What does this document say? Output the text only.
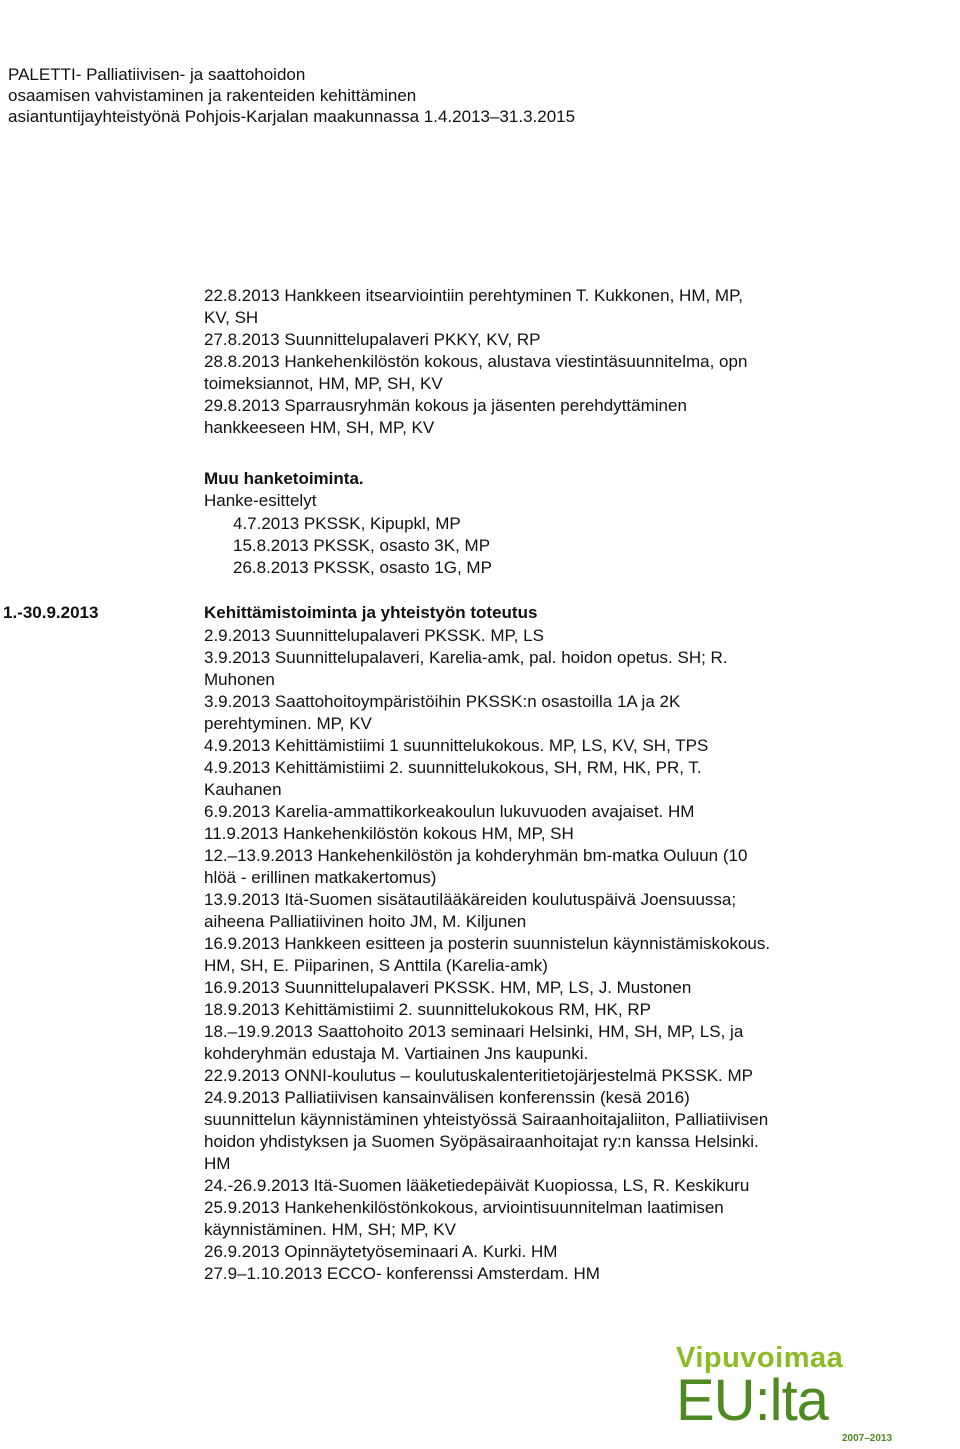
PALETTI- Palliatiivisen- ja saattohoidon
osaamisen vahvistaminen ja rakenteiden kehittäminen
asiantuntijayhteistyönä Pohjois-Karjalan maakunnassa 1.4.2013–31.3.2015
22.8.2013 Hankkeen itsearviointiin perehtyminen T. Kukkonen, HM, MP,
KV, SH
27.8.2013 Suunnittelupalaveri PKKY, KV, RP
28.8.2013 Hankehenkilöstön kokous, alustava viestintäsuunnitelma, opn
toimeksiannot, HM, MP, SH, KV
29.8.2013 Sparrausryhmän kokous ja jäsenten perehdyttäminen
hankkeeseen HM, SH, MP, KV
Muu hanketoiminta.
Hanke-esittelyt
4.7.2013 PKSSK, Kipupkl, MP
15.8.2013 PKSSK, osasto 3K, MP
26.8.2013 PKSSK, osasto 1G, MP
1.-30.9.2013	Kehittämistoiminta ja yhteistyön toteutus
2.9.2013 Suunnittelupalaveri PKSSK. MP, LS
3.9.2013 Suunnittelupalaveri, Karelia-amk, pal. hoidon opetus. SH; R.
Muhonen
3.9.2013 Saattohoitoympäristöihin PKSSK:n osastoilla 1A ja 2K
perehtyminen. MP, KV
4.9.2013 Kehittämistiimi 1 suunnittelukokous. MP, LS, KV, SH, TPS
4.9.2013 Kehittämistiimi 2. suunnittelukokous, SH, RM, HK, PR, T.
Kauhanen
6.9.2013 Karelia-ammattikorkeakoulun lukuvuoden avajaiset. HM
11.9.2013 Hankehenkilöstön kokous HM, MP, SH
12.–13.9.2013 Hankehenkilöstön ja kohderyhmän bm-matka Ouluun (10
hlöä - erillinen matkakertomus)
13.9.2013 Itä-Suomen sisätautilääkäreiden koulutuspäivä Joensuussa;
aiheena Palliatiivinen hoito JM, M. Kiljunen
16.9.2013 Hankkeen esitteen ja posterin suunnistelun käynnistämiskokous.
HM, SH, E. Piiparinen, S Anttila (Karelia-amk)
16.9.2013 Suunnittelupalaveri PKSSK. HM, MP, LS, J. Mustonen
18.9.2013 Kehittämistiimi 2. suunnittelukokous RM, HK, RP
18.–19.9.2013 Saattohoito 2013 seminaari Helsinki, HM, SH, MP, LS, ja
kohderyhmän edustaja M. Vartiainen Jns kaupunki.
22.9.2013 ONNI-koulutus – koulutuskalenteritietojärjestelmä PKSSK. MP
24.9.2013 Palliatiivisen kansainvälisen konferenssin (kesä 2016)
suunnittelun käynnistäminen yhteistyössä Sairaanhoitajaliiton, Palliatiivisen
hoidon yhdistyksen ja Suomen Syöpäsairaanhoitajat ry:n kanssa Helsinki.
HM
24.-26.9.2013 Itä-Suomen lääketiedepäivät Kuopiossa, LS, R. Keskikuru
25.9.2013 Hankehenkilöstönkokous, arviointisuunnitelman laatimisen
käynnistäminen. HM, SH; MP, KV
26.9.2013 Opinnäytetyöseminaari A. Kurki. HM
27.9–1.10.2013 ECCO- konferenssi Amsterdam. HM
Vipuvoimaa
EU:lta
2007–2013
